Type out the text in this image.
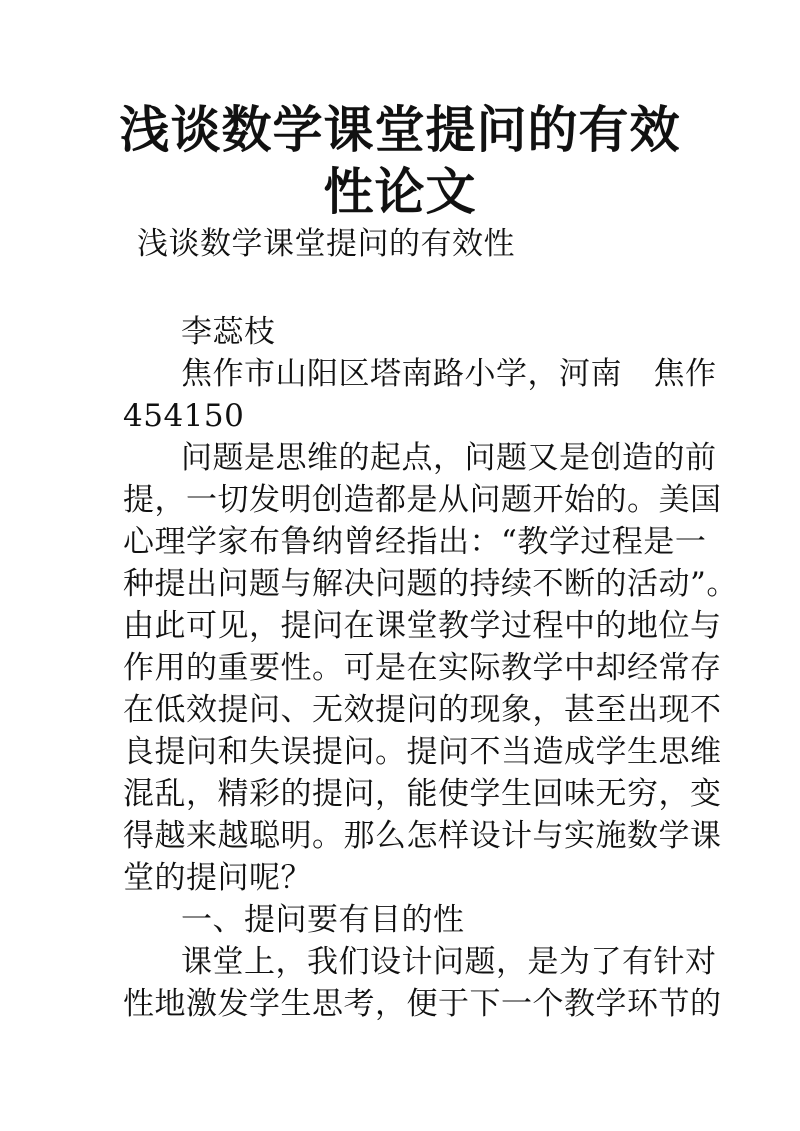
浅谈数学课堂提问的有效
性论文
浅谈数学课堂提问的有效性
李蕊枝
焦作市山阳区塔南路小学，河南　焦作
454150
问题是思维的起点，问题又是创造的前
提，一切发明创造都是从问题开始的。美国
心理学家布鲁纳曾经指出：“教学过程是一
种提出问题与解决问题的持续不断的活动”。
由此可见，提问在课堂教学过程中的地位与
作用的重要性。可是在实际教学中却经常存
在低效提问、无效提问的现象，甚至出现不
良提问和失误提问。提问不当造成学生思维
混乱，精彩的提问，能使学生回味无穷，变
得越来越聪明。那么怎样设计与实施数学课
堂的提问呢？
一、提问要有目的性
课堂上，我们设计问题，是为了有针对
性地激发学生思考，便于下一个教学环节的
